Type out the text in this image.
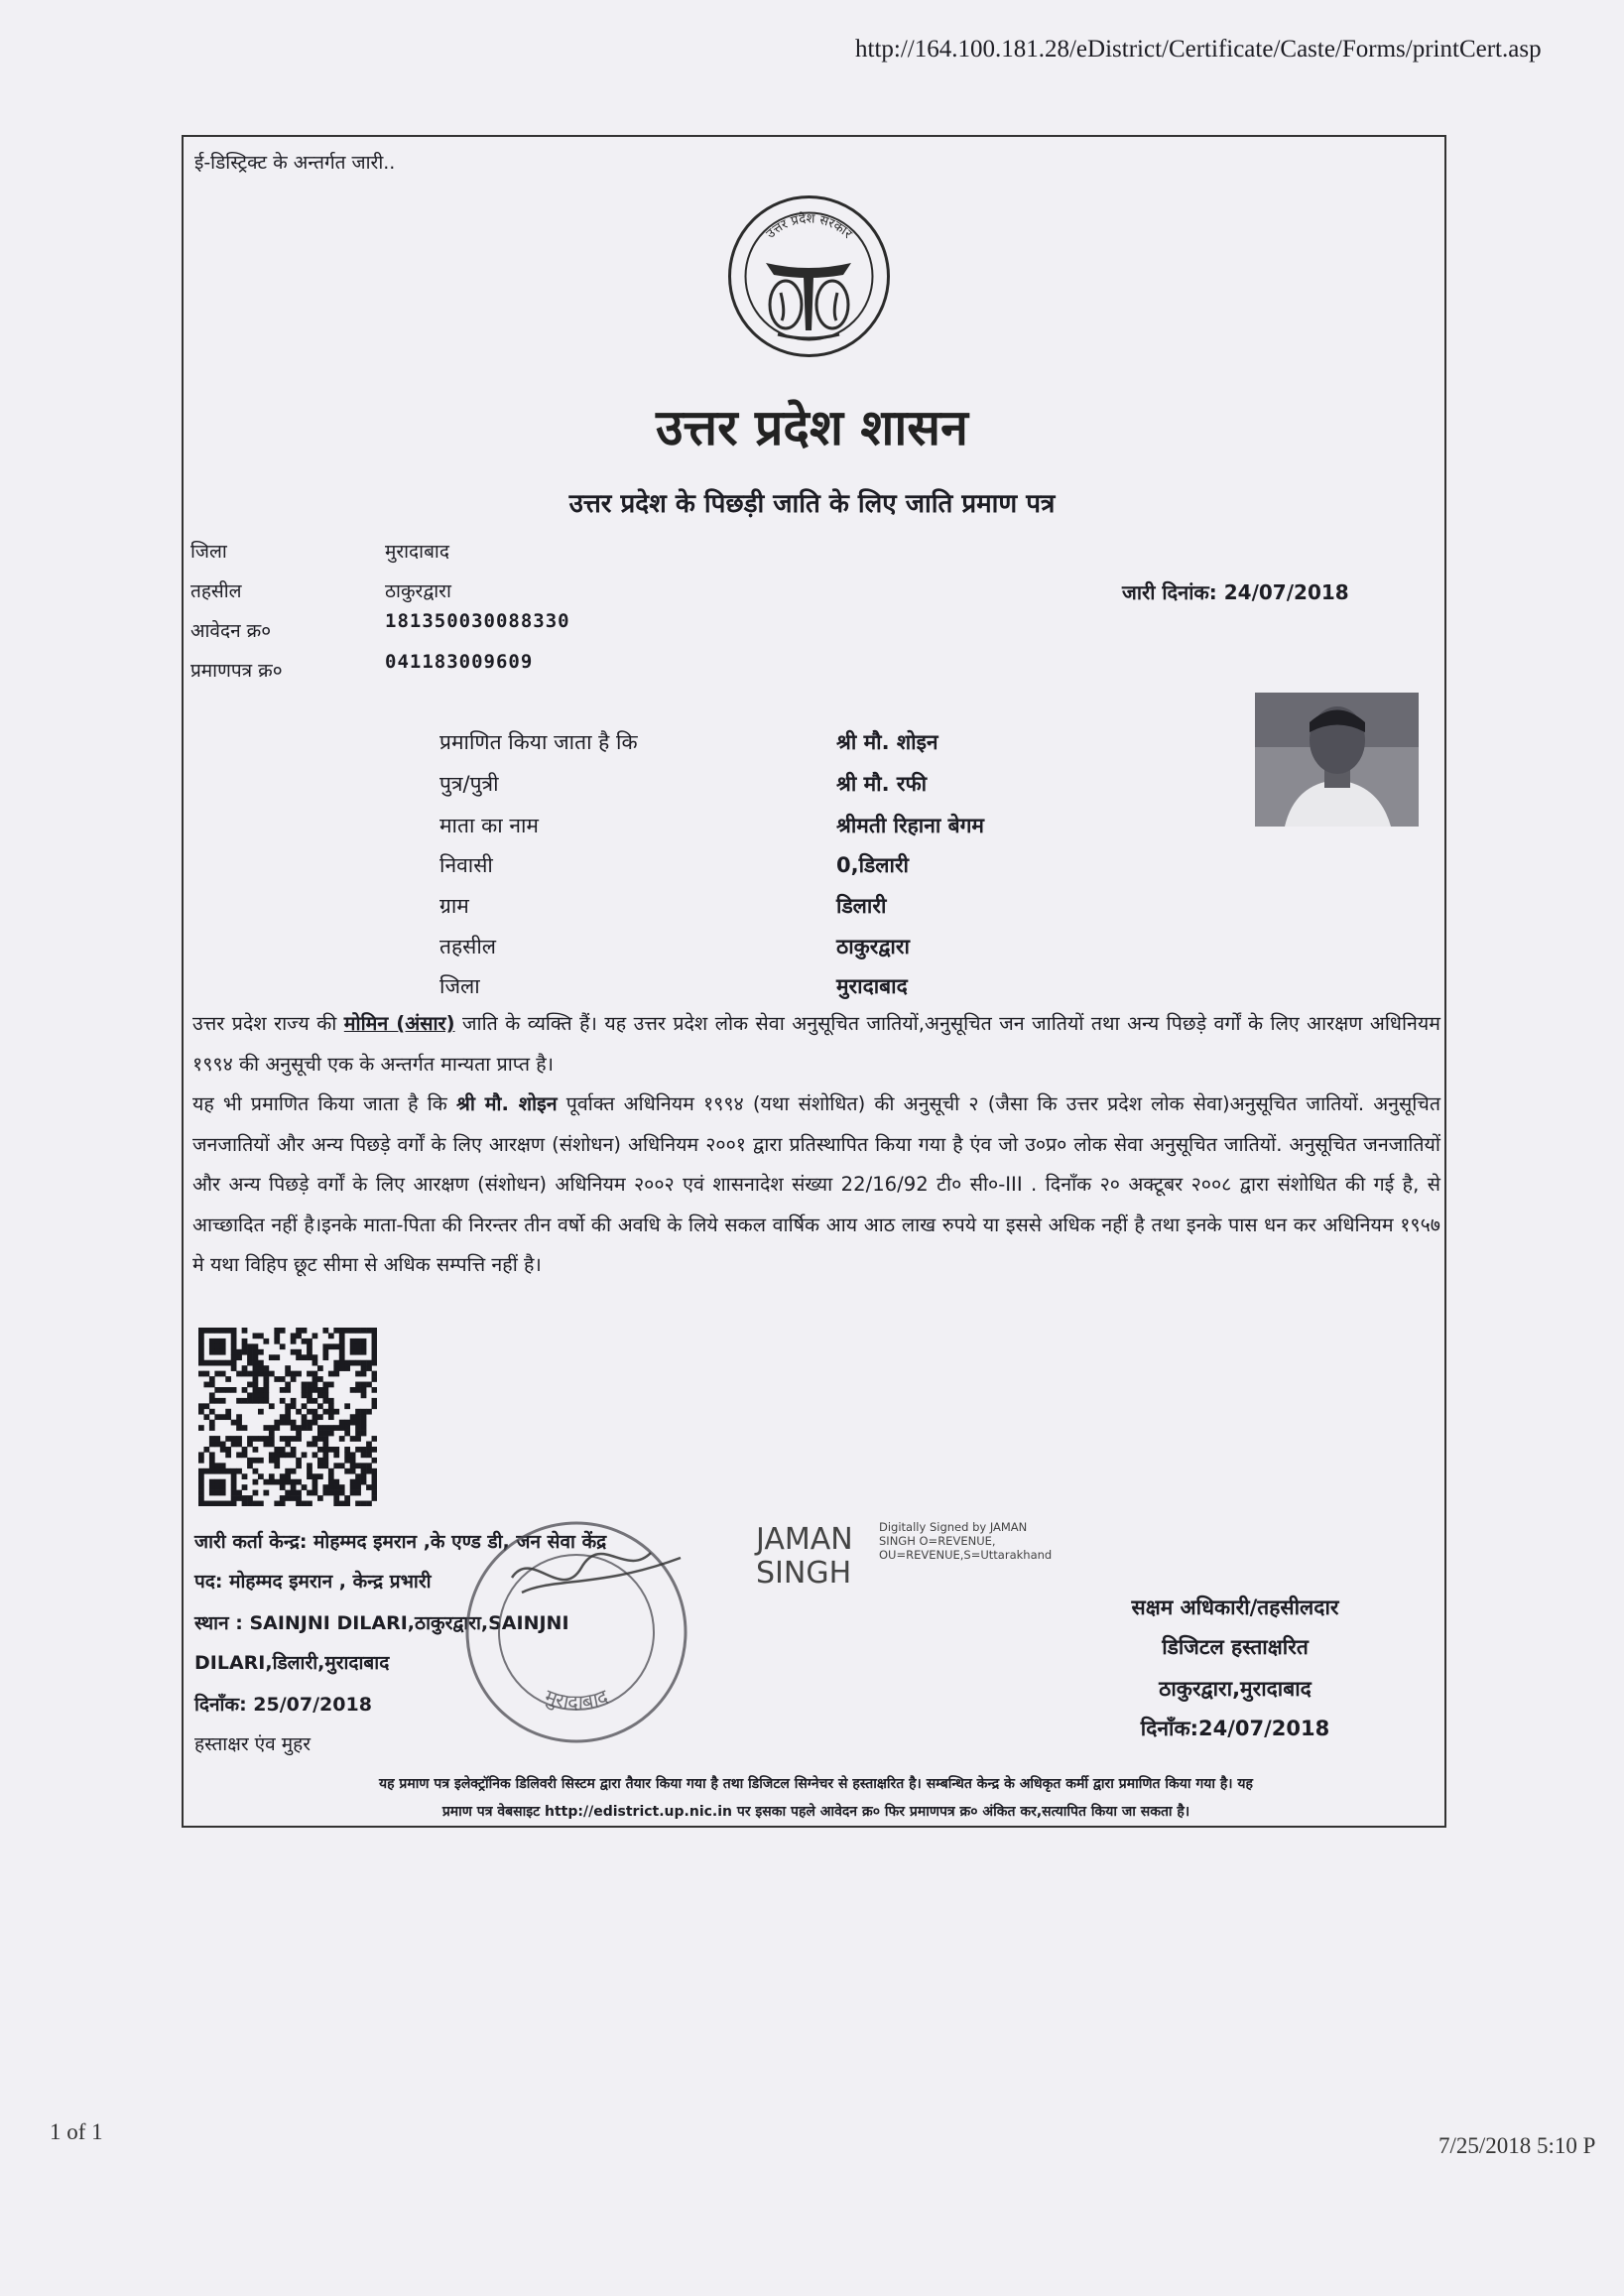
http://164.100.181.28/eDistrict/Certificate/Caste/Forms/printCert.asp
ई-डिस्ट्रिक्ट के अन्तर्गत जारी..
उत्तर प्रदेश सरकार
उत्तर प्रदेश शासन
उत्तर प्रदेश के पिछड़ी जाति के लिए जाति प्रमाण पत्र
जिला	मुरादाबाद
तहसील	ठाकुरद्वारा
आवेदन क्र०	181350030088330
प्रमाणपत्र क्र०	041183009609
जारी दिनांक: 24/07/2018
प्रमाणित किया जाता है कि	श्री मौ. शोइन
पुत्र/पुत्री	श्री मौ. रफी
माता का नाम	श्रीमती रिहाना बेगम
निवासी	0,डिलारी
ग्राम	डिलारी
तहसील	ठाकुरद्वारा
जिला	मुरादाबाद
उत्तर प्रदेश राज्य की मोमिन (अंसार) जाति के व्यक्ति हैं। यह उत्तर प्रदेश लोक सेवा अनुसूचित जातियों,अनुसूचित जन जातियों तथा अन्य पिछड़े वर्गों के लिए आरक्षण अधिनियम १९९४ की अनुसूची एक के अन्तर्गत मान्यता प्राप्त है।
यह भी प्रमाणित किया जाता है कि श्री मौ. शोइन पूर्वाक्त अधिनियम १९९४ (यथा संशोधित) की अनुसूची २ (जैसा कि उत्तर प्रदेश लोक सेवा)अनुसूचित जातियों. अनुसूचित जनजातियों और अन्य पिछड़े वर्गों के लिए आरक्षण (संशोधन) अधिनियम २००१ द्वारा प्रतिस्थापित किया गया है एंव जो उ०प्र० लोक सेवा अनुसूचित जातियों. अनुसूचित जनजातियों और अन्य पिछड़े वर्गों के लिए आरक्षण (संशोधन) अधिनियम २००२ एवं शासनादेश संख्या 22/16/92 टी० सी०-III . दिनॉंक २० अक्टूबर २००८ द्वारा संशोधित की गई है, से आच्छादित नहीं है।इनके माता-पिता की निरन्तर तीन वर्षो की अवधि के लिये सकल वार्षिक आय आठ लाख रुपये या इससे अधिक नहीं है तथा इनके पास धन कर अधिनियम १९५७ मे यथा विहिप छूट सीमा से अधिक सम्पत्ति नहीं है।
जारी कर्ता केन्द्र: मोहम्मद इमरान ,के एण्ड डी, जन सेवा केंद्र
पद: मोहम्मद इमरान , केन्द्र प्रभारी
स्थान : SAINJNI DILARI,ठाकुरद्वारा,SAINJNI
DILARI,डिलारी,मुरादाबाद
दिनॉंक: 25/07/2018
हस्ताक्षर एंव मुहर
मुरादाबाद
JAMAN
SINGH
Digitally Signed by JAMAN
SINGH O=REVENUE,
OU=REVENUE,S=Uttarakhand
सक्षम अधिकारी/तहसीलदार
डिजिटल हस्ताक्षरित
ठाकुरद्वारा,मुरादाबाद
दिनॉंक:24/07/2018
यह प्रमाण पत्र इलेक्ट्रॉनिक डिलिवरी सिस्टम द्वारा तैयार किया गया है तथा डिजिटल सिग्नेचर से हस्ताक्षरित है। सम्बन्धित केन्द्र के अधिकृत कर्मी द्वारा प्रमाणित किया गया है। यह
प्रमाण पत्र वेबसाइट http://edistrict.up.nic.in पर इसका पहले आवेदन क्र० फिर प्रमाणपत्र क्र० अंकित कर,सत्यापित किया जा सकता है।
1 of 1
7/25/2018 5:10 P
